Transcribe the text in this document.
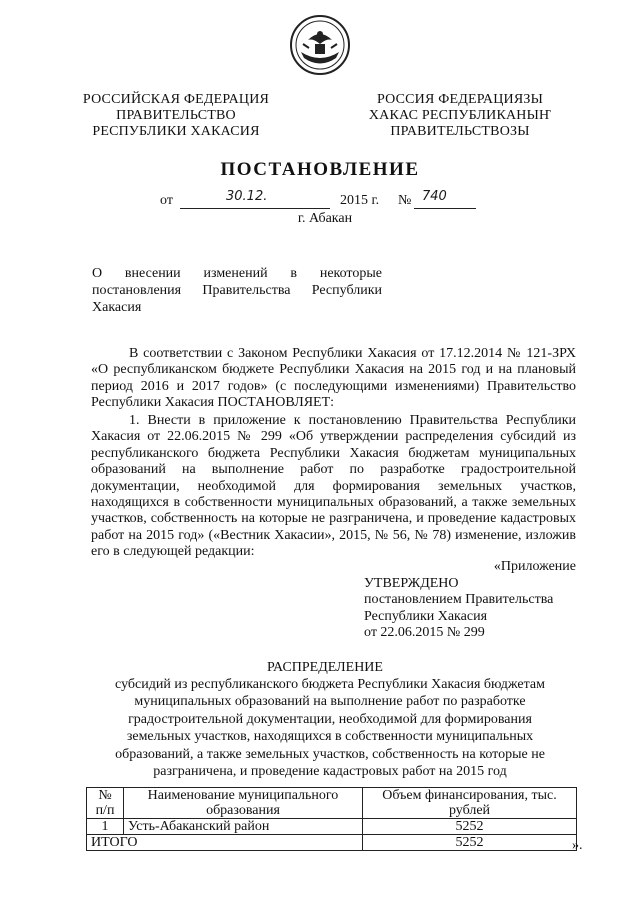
РОССИЙСКАЯ ФЕДЕРАЦИЯ
ПРАВИТЕЛЬСТВО
РЕСПУБЛИКИ ХАКАСИЯ
РОССИЯ ФЕДЕРАЦИЯЗЫ
ХАКАС РЕСПУБЛИКАНЫҤ
ПРАВИТЕЛЬСТВОЗЫ
ПОСТАНОВЛЕНИЕ
от	30.12.	2015 г. № 740
г. Абакан
О внесении изменений в некоторые
постановления Правительства Республики
Хакасия
В соответствии с Законом Республики Хакасия от 17.12.2014 № 121-ЗРХ «О республиканском бюджете Республики Хакасия на 2015 год и на плановый период 2016 и 2017 годов» (с последующими изменениями) Правительство Республики Хакасия ПОСТАНОВЛЯЕТ:
1. Внести в приложение к постановлению Правительства Республики Хакасия от 22.06.2015 № 299 «Об утверждении распределения субсидий из республиканского бюджета Республики Хакасия бюджетам муниципальных образований на выполнение работ по разработке градостроительной документации, необходимой для формирования земельных участков, находящихся в собственности муниципальных образований, а также земельных участков, собственность на которые не разграничена, и проведение кадастровых работ на 2015 год» («Вестник Хакасии», 2015, № 56, № 78) изменение, изложив его в следующей редакции:
«Приложение
УТВЕРЖДЕНО
постановлением Правительства
Республики Хакасия
от 22.06.2015 № 299
РАСПРЕДЕЛЕНИЕ
субсидий из республиканского бюджета Республики Хакасия бюджетам муниципальных образований на выполнение работ по разработке градостроительной документации, необходимой для формирования земельных участков, находящихся в собственности муниципальных образований, а также земельных участков, собственность на которые не разграничена, и проведение кадастровых работ на 2015 год
№ п/п	Наименование муниципального образования	Объем финансирования, тыс. рублей
1	Усть-Абаканский район	5252
ИТОГО		5252	».
